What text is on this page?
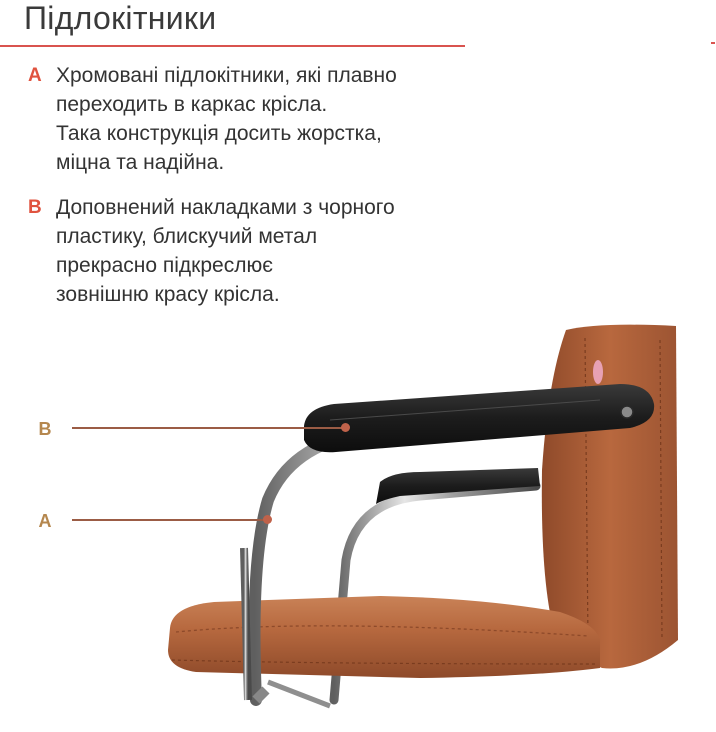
Підлокітники
A Хромовані підлокітники, які плавно
переходить в каркас крісла.
Така конструкція досить жорстка,
міцна та надійна.
B Доповнений накладками з чорного
пластику, блискучий метал
прекрасно підкреслює
зовнішню красу крісла.
B
A
